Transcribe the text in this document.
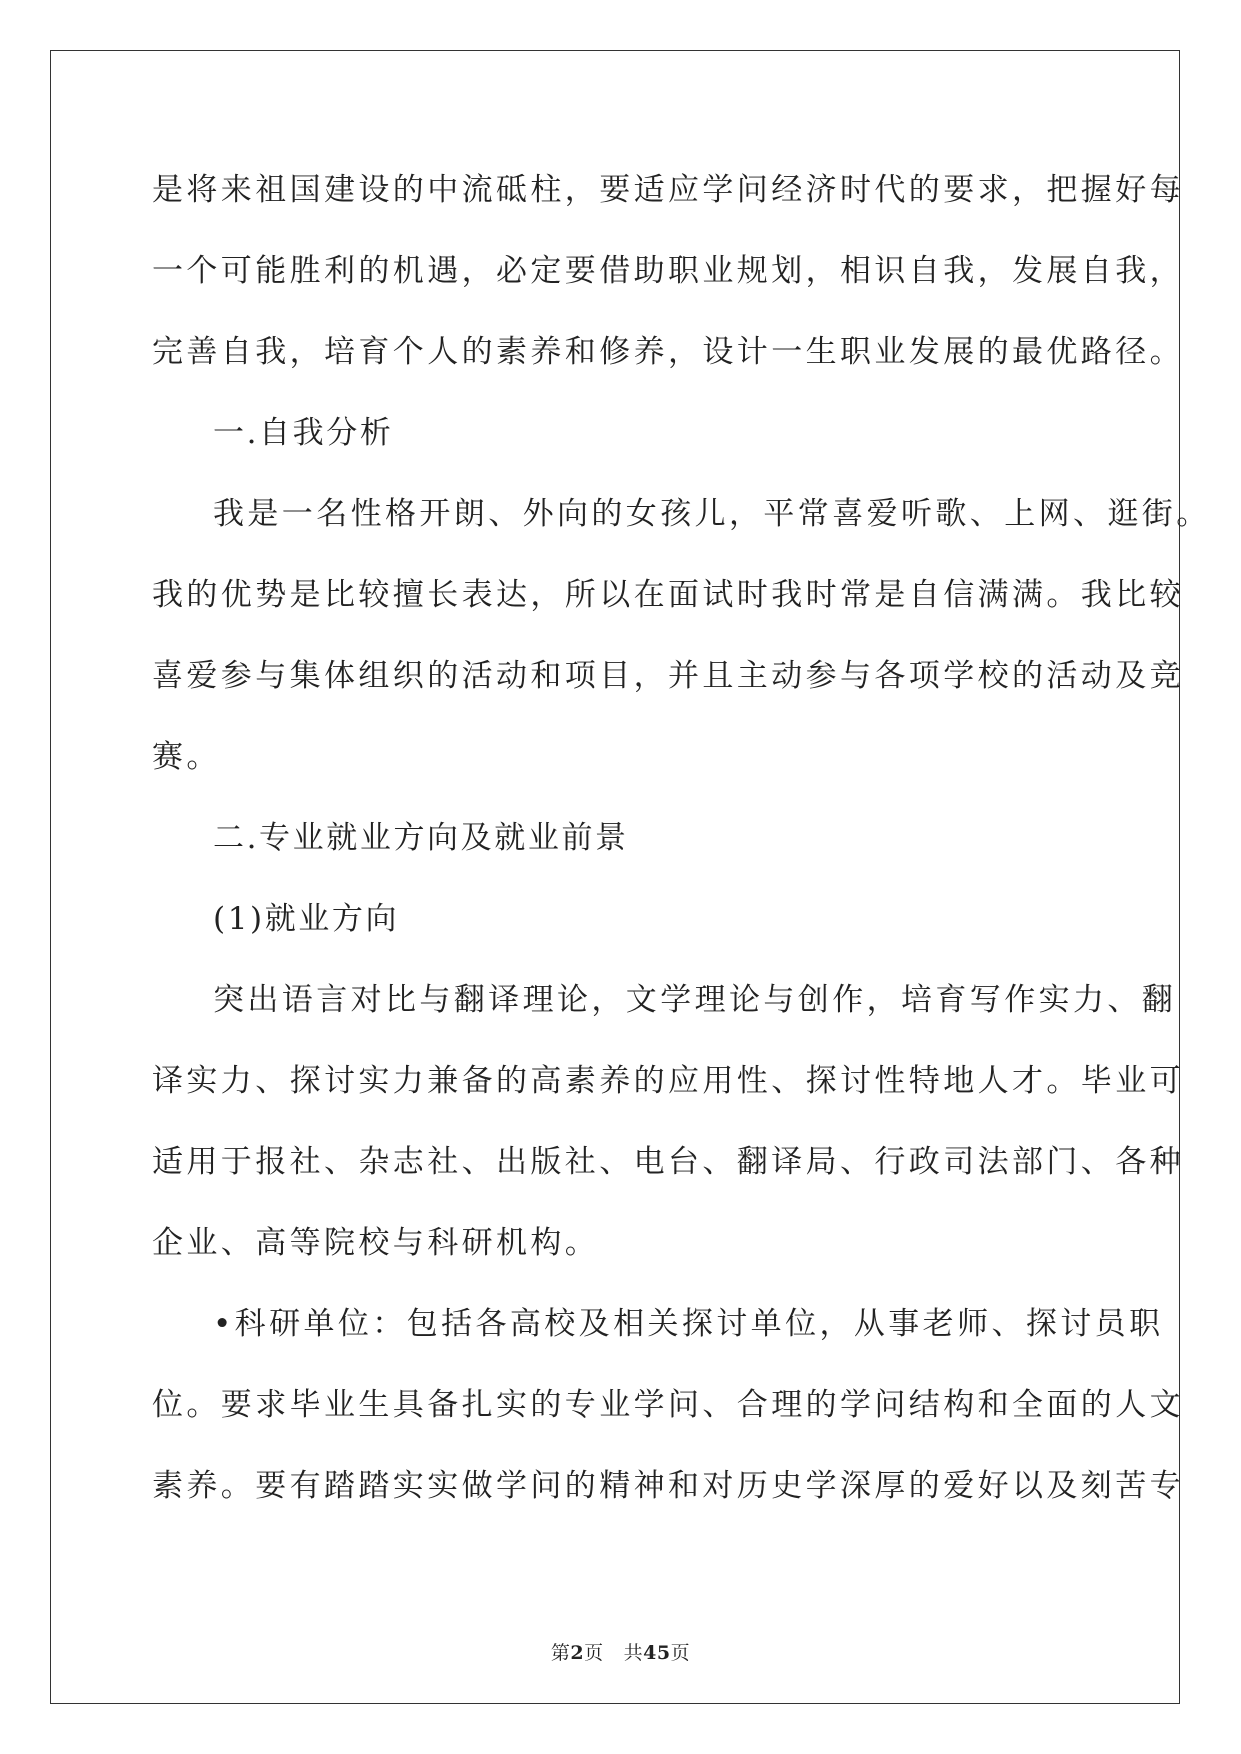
是将来祖国建设的中流砥柱，要适应学问经济时代的要求，把握好每
一个可能胜利的机遇，必定要借助职业规划，相识自我，发展自我，
完善自我，培育个人的素养和修养，设计一生职业发展的最优路径。
一.自我分析
我是一名性格开朗、外向的女孩儿，平常喜爱听歌、上网、逛街。
我的优势是比较擅长表达，所以在面试时我时常是自信满满。我比较
喜爱参与集体组织的活动和项目，并且主动参与各项学校的活动及竞
赛。
二.专业就业方向及就业前景
(1)就业方向
突出语言对比与翻译理论，文学理论与创作，培育写作实力、翻
译实力、探讨实力兼备的高素养的应用性、探讨性特地人才。毕业可
适用于报社、杂志社、出版社、电台、翻译局、行政司法部门、各种
企业、高等院校与科研机构。
•科研单位：包括各高校及相关探讨单位，从事老师、探讨员职
位。要求毕业生具备扎实的专业学问、合理的学问结构和全面的人文
素养。要有踏踏实实做学问的精神和对历史学深厚的爱好以及刻苦专
第2页 共45页
